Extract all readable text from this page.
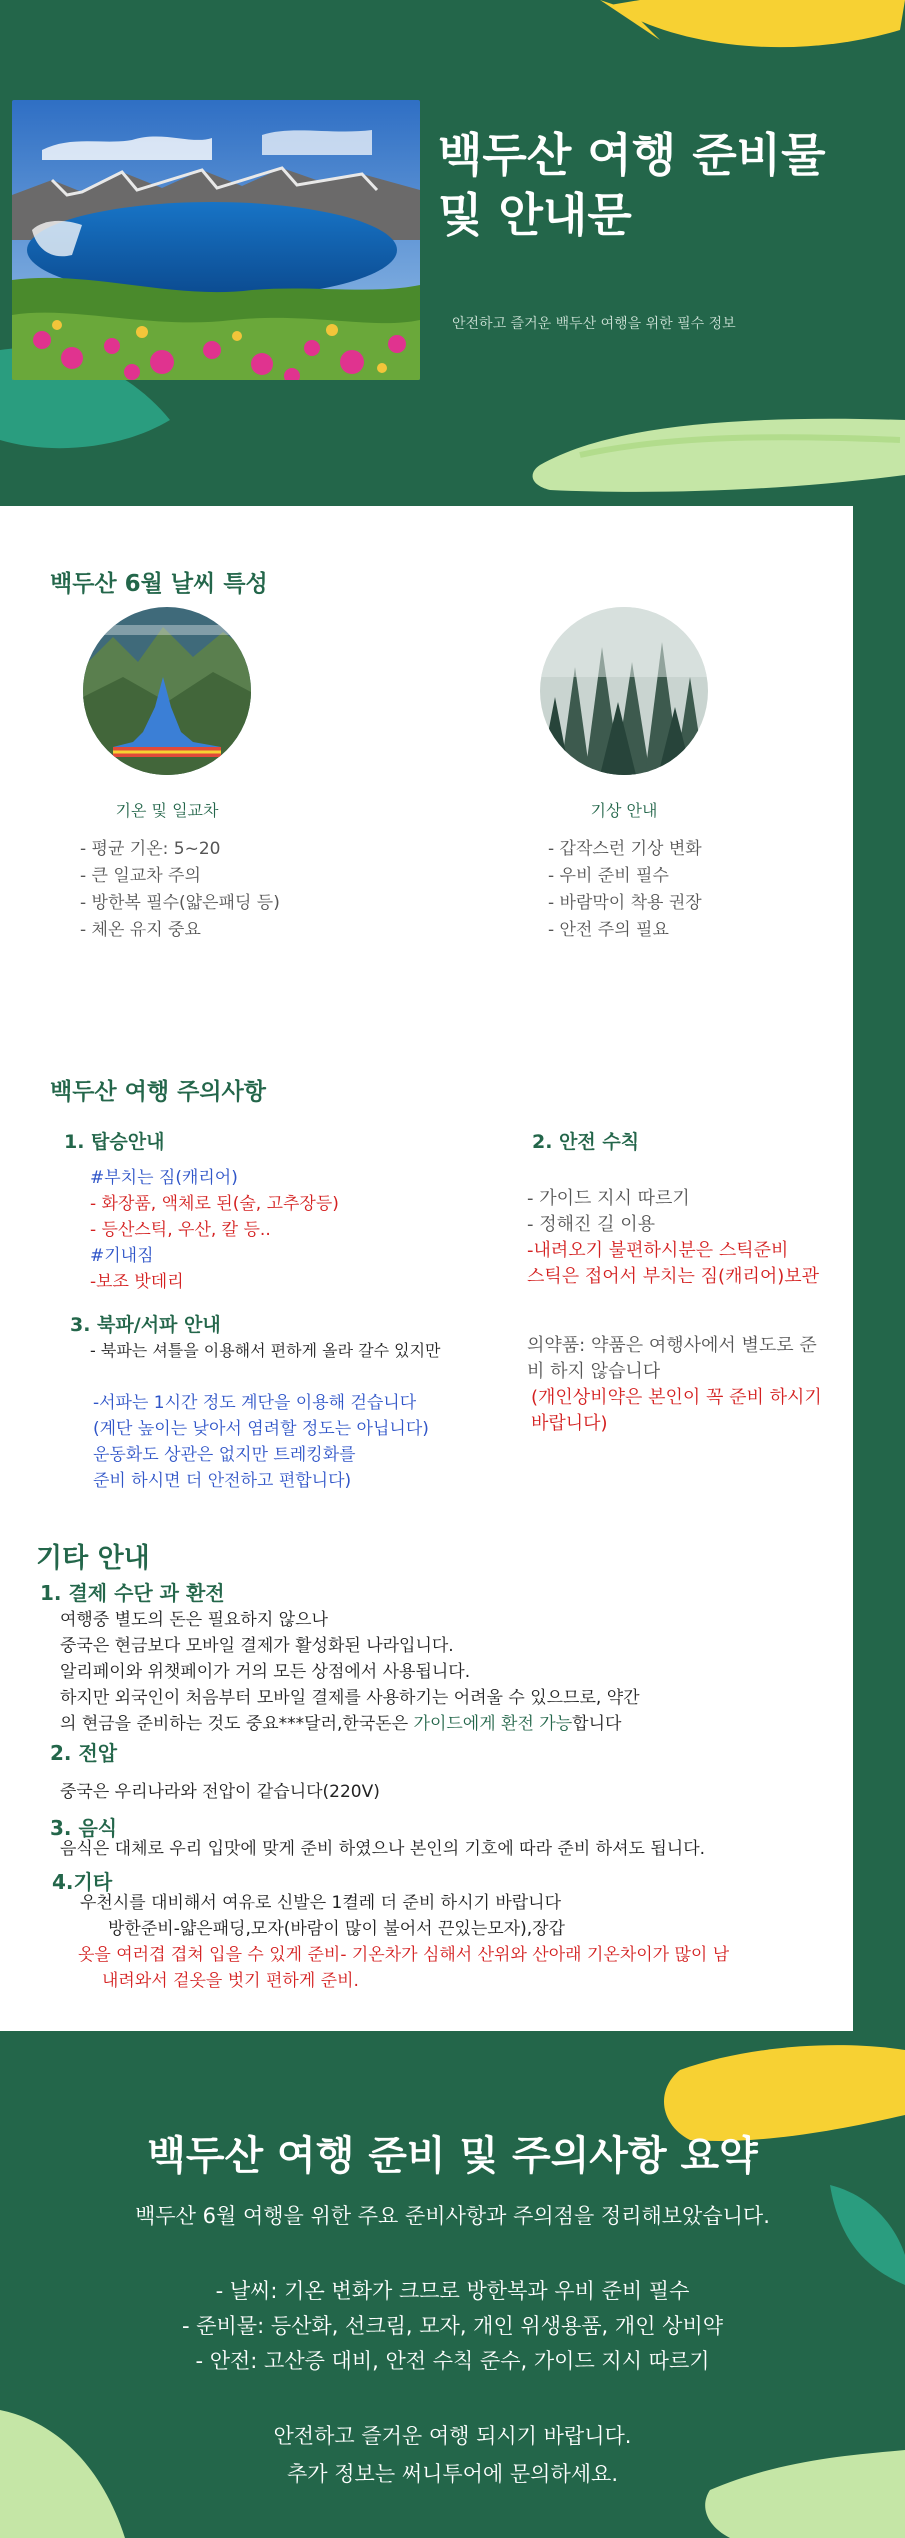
백두산 여행 준비물
및 안내문
안전하고 즐거운 백두산 여행을 위한 필수 정보
백두산 6월 날씨 특성
기온 및 일교차	기상 안내
- 평균 기온: 5~20
- 큰 일교차 주의
- 방한복 필수(얇은패딩 등)
- 체온 유지 중요
- 갑작스런 기상 변화
- 우비 준비 필수
- 바람막이 착용 권장
- 안전 주의 필요
백두산 여행 주의사항
1. 탑승안내
#부치는 짐(캐리어)
- 화장품, 액체로 된(술, 고추장등)
- 등산스틱, 우산, 칼 등..
#기내짐
-보조 밧데리
3. 북파/서파 안내
- 북파는 셔틀을 이용해서 편하게 올라 갈수 있지만
-서파는 1시간 정도 계단을 이용해 걷습니다
(계단 높이는 낮아서 염려할 정도는 아닙니다)
운동화도 상관은 없지만 트레킹화를
준비 하시면 더 안전하고 편합니다)
2. 안전 수칙
- 가이드 지시 따르기
- 정해진 길 이용
-내려오기 불편하시분은 스틱준비
스틱은 접어서 부치는 짐(캐리어)보관
의약품: 약품은 여행사에서 별도로 준
비 하지 않습니다
(개인상비약은 본인이 꼭 준비 하시기
바랍니다)
기타 안내
1. 결제 수단 과 환전
여행중 별도의 돈은 필요하지 않으나
중국은 현금보다 모바일 결제가 활성화된 나라입니다.
알리페이와 위챗페이가 거의 모든 상점에서 사용됩니다.
하지만 외국인이 처음부터 모바일 결제를 사용하기는 어려울 수 있으므로, 약간
의 현금을 준비하는 것도 중요***달러,한국돈은 가이드에게 환전 가능합니다
2. 전압
중국은 우리나라와 전압이 같습니다(220V)
3. 음식
음식은 대체로 우리 입맛에 맞게 준비 하였으나 본인의 기호에 따라 준비 하셔도 됩니다.
4.기타
우천시를 대비해서 여유로 신발은 1켤레 더 준비 하시기 바랍니다
방한준비-얇은패딩,모자(바람이 많이 불어서 끈있는모자),장갑
옷을 여러겹 겹쳐 입을 수 있게 준비- 기온차가 심해서 산위와 산아래 기온차이가 많이 남
내려와서 겉옷을 벗기 편하게 준비.
백두산 여행 준비 및 주의사항 요약
백두산 6월 여행을 위한 주요 준비사항과 주의점을 정리해보았습니다.
- 날씨: 기온 변화가 크므로 방한복과 우비 준비 필수
- 준비물: 등산화, 선크림, 모자, 개인 위생용품, 개인 상비약
- 안전: 고산증 대비, 안전 수칙 준수, 가이드 지시 따르기
안전하고 즐거운 여행 되시기 바랍니다.
추가 정보는 써니투어에 문의하세요.
